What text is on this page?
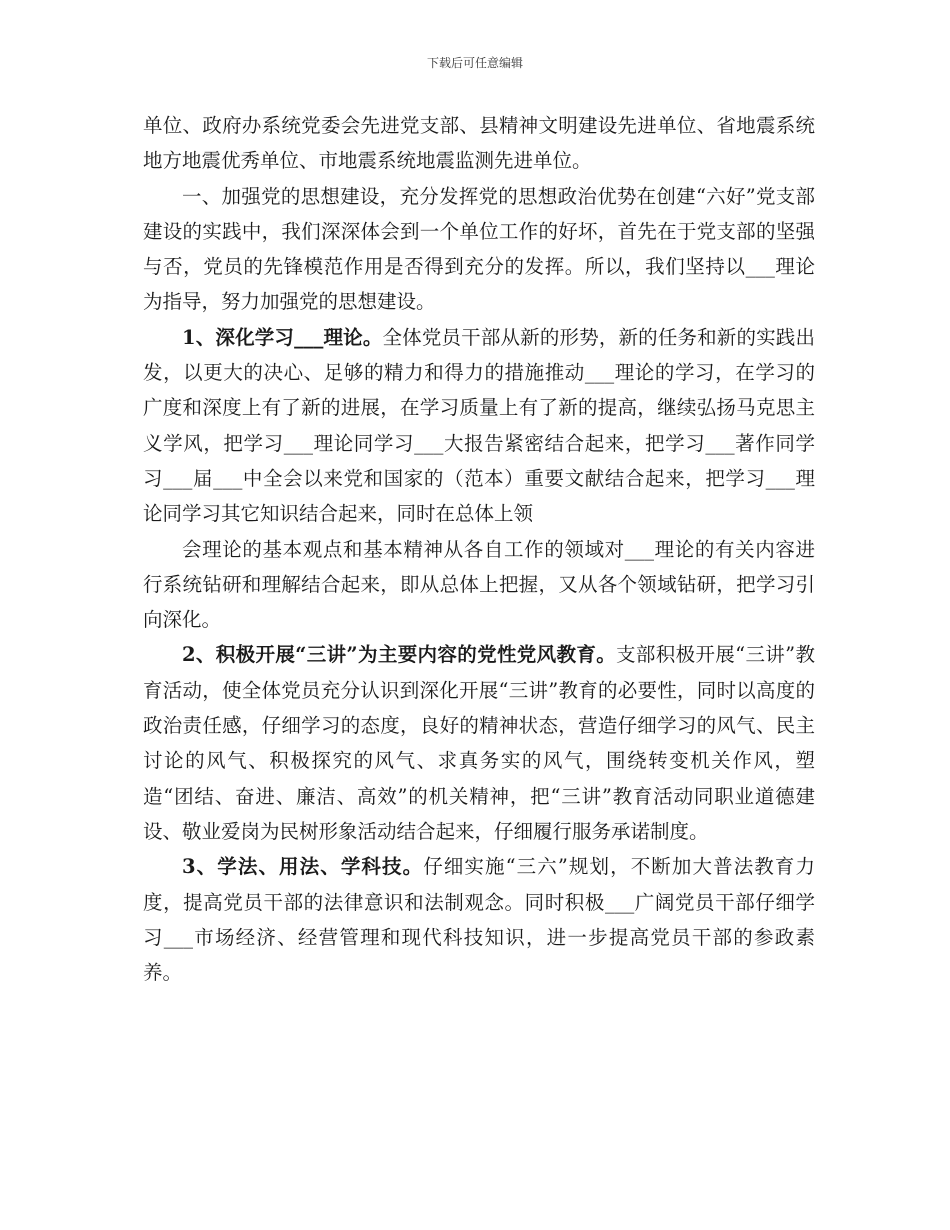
下载后可任意编辑

单位、政府办系统党委会先进党支部、县精神文明建设先进单位、省地震系统地方地震优秀单位、市地震系统地震监测先进单位。

一、加强党的思想建设，充分发挥党的思想政治优势在创建“六好”党支部建设的实践中，我们深深体会到一个单位工作的好坏，首先在于党支部的坚强与否，党员的先锋模范作用是否得到充分的发挥。所以，我们坚持以___理论为指导，努力加强党的思想建设。

1、深化学习___理论。全体党员干部从新的形势，新的任务和新的实践出发，以更大的决心、足够的精力和得力的措施推动___理论的学习，在学习的广度和深度上有了新的进展，在学习质量上有了新的提高，继续弘扬马克思主义学风，把学习___理论同学习___大报告紧密结合起来，把学习___著作同学习___届___中全会以来党和国家的（范本）重要文献结合起来，把学习___理论同学习其它知识结合起来，同时在总体上领

会理论的基本观点和基本精神从各自工作的领域对___理论的有关内容进行系统钻研和理解结合起来，即从总体上把握，又从各个领域钻研，把学习引向深化。

2、积极开展“三讲”为主要内容的党性党风教育。支部积极开展“三讲”教育活动，使全体党员充分认识到深化开展“三讲”教育的必要性，同时以高度的政治责任感，仔细学习的态度，良好的精神状态，营造仔细学习的风气、民主讨论的风气、积极探究的风气、求真务实的风气，围绕转变机关作风，塑造“团结、奋进、廉洁、高效”的机关精神，把“三讲”教育活动同职业道德建设、敬业爱岗为民树形象活动结合起来，仔细履行服务承诺制度。

3、学法、用法、学科技。仔细实施“三六”规划，不断加大普法教育力度，提高党员干部的法律意识和法制观念。同时积极___广阔党员干部仔细学习___市场经济、经营管理和现代科技知识，进一步提高党员干部的参政素养。
